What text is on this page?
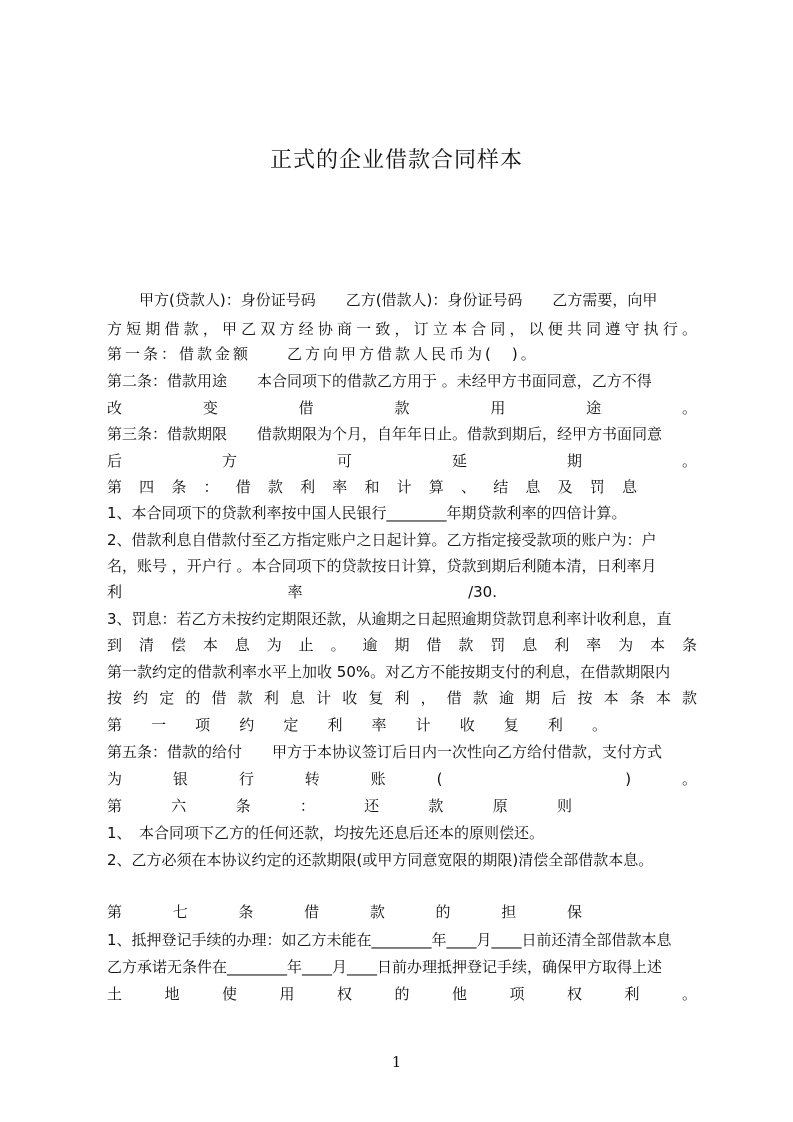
正式的企业借款合同样本
甲方(贷款人)：身份证号码　　乙方(借款人)：身份证号码　　乙方需要，向甲
方短期借款，甲乙双方经协商一致，订立本合同，以便共同遵守执行。
第一条：借款金额　　乙方向甲方借款人民币为(　)。
第二条：借款用途　　本合同项下的借款乙方用于 。未经甲方书面同意，乙方不得
改变借款用途。
第三条：借款期限　　借款期限为个月，自年年日止。借款到期后，经甲方书面同意
后方可延期。
第四条：借款利率和计算、结息及罚息
1、本合同项下的贷款利率按中国人民银行________年期贷款利率的四倍计算。
2、借款利息自借款付至乙方指定账户之日起计算。乙方指定接受款项的账户为：户
名，账号 ，开户行 。本合同项下的贷款按日计算，贷款到期后利随本清，日利率月
利率/30.
3、罚息：若乙方未按约定期限还款，从逾期之日起照逾期贷款罚息利率计收利息，直
到清偿本息为止。逾期借款罚息利率为本条
第一款约定的借款利率水平上加收 50%。对乙方不能按期支付的利息，在借款期限内
按约定的借款利息计收复利，借款逾期后按本条本款
第一项约定利率计收复利。
第五条：借款的给付　　甲方于本协议签订后日内一次性向乙方给付借款，支付方式
为银行转账(　　)。
第六条：还款原则
1、　本合同项下乙方的任何还款，均按先还息后还本的原则偿还。
2、乙方必须在本协议约定的还款期限(或甲方同意宽限的期限)清偿全部借款本息。
第七条借款的担保
1、抵押登记手续的办理：如乙方未能在________年____月____日前还清全部借款本息
乙方承诺无条件在________年____月____日前办理抵押登记手续，确保甲方取得上述
土地使用权的他项权利。
1
